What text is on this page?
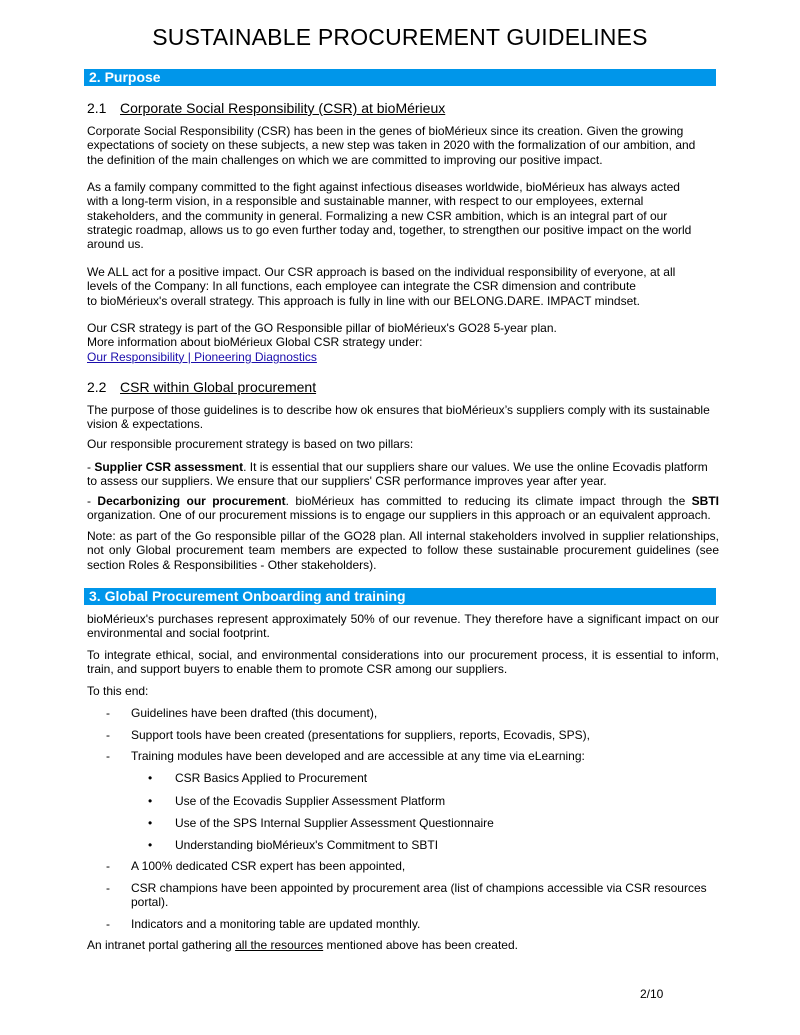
SUSTAINABLE PROCUREMENT GUIDELINES
2. Purpose
2.1 Corporate Social Responsibility (CSR) at bioMérieux
Corporate Social Responsibility (CSR) has been in the genes of bioMérieux since its creation. Given the growing
expectations of society on these subjects, a new step was taken in 2020 with the formalization of our ambition, and
the definition of the main challenges on which we are committed to improving our positive impact.
As a family company committed to the fight against infectious diseases worldwide, bioMérieux has always acted
with a long-term vision, in a responsible and sustainable manner, with respect to our employees, external
stakeholders, and the community in general. Formalizing a new CSR ambition, which is an integral part of our
strategic roadmap, allows us to go even further today and, together, to strengthen our positive impact on the world
around us.
We ALL act for a positive impact. Our CSR approach is based on the individual responsibility of everyone, at all
levels of the Company: In all functions, each employee can integrate the CSR dimension and contribute
to bioMérieux's overall strategy. This approach is fully in line with our BELONG.DARE. IMPACT mindset.
Our CSR strategy is part of the GO Responsible pillar of bioMérieux's GO28 5-year plan.
More information about bioMérieux Global CSR strategy under:
Our Responsibility | Pioneering Diagnostics
2.2 CSR within Global procurement
The purpose of those guidelines is to describe how ok ensures that bioMérieux’s suppliers comply with its sustainable
vision & expectations.
Our responsible procurement strategy is based on two pillars:
- Supplier CSR assessment. It is essential that our suppliers share our values. We use the online Ecovadis platform
to assess our suppliers. We ensure that our suppliers' CSR performance improves year after year.
- Decarbonizing our procurement. bioMérieux has committed to reducing its climate impact through the SBTI organization. One of our procurement missions is to engage our suppliers in this approach or an equivalent approach.
Note: as part of the Go responsible pillar of the GO28 plan. All internal stakeholders involved in supplier relationships, not only Global procurement team members are expected to follow these sustainable procurement guidelines (see section Roles & Responsibilities - Other stakeholders).
3. Global Procurement Onboarding and training
bioMérieux's purchases represent approximately 50% of our revenue. They therefore have a significant impact on our environmental and social footprint.
To integrate ethical, social, and environmental considerations into our procurement process, it is essential to inform, train, and support buyers to enable them to promote CSR among our suppliers.
To this end:
- Guidelines have been drafted (this document),
- Support tools have been created (presentations for suppliers, reports, Ecovadis, SPS),
- Training modules have been developed and are accessible at any time via eLearning:
• CSR Basics Applied to Procurement
• Use of the Ecovadis Supplier Assessment Platform
• Use of the SPS Internal Supplier Assessment Questionnaire
• Understanding bioMérieux's Commitment to SBTI
- A 100% dedicated CSR expert has been appointed,
- CSR champions have been appointed by procurement area (list of champions accessible via CSR resources portal).
- Indicators and a monitoring table are updated monthly.
An intranet portal gathering all the resources mentioned above has been created.
2/10
